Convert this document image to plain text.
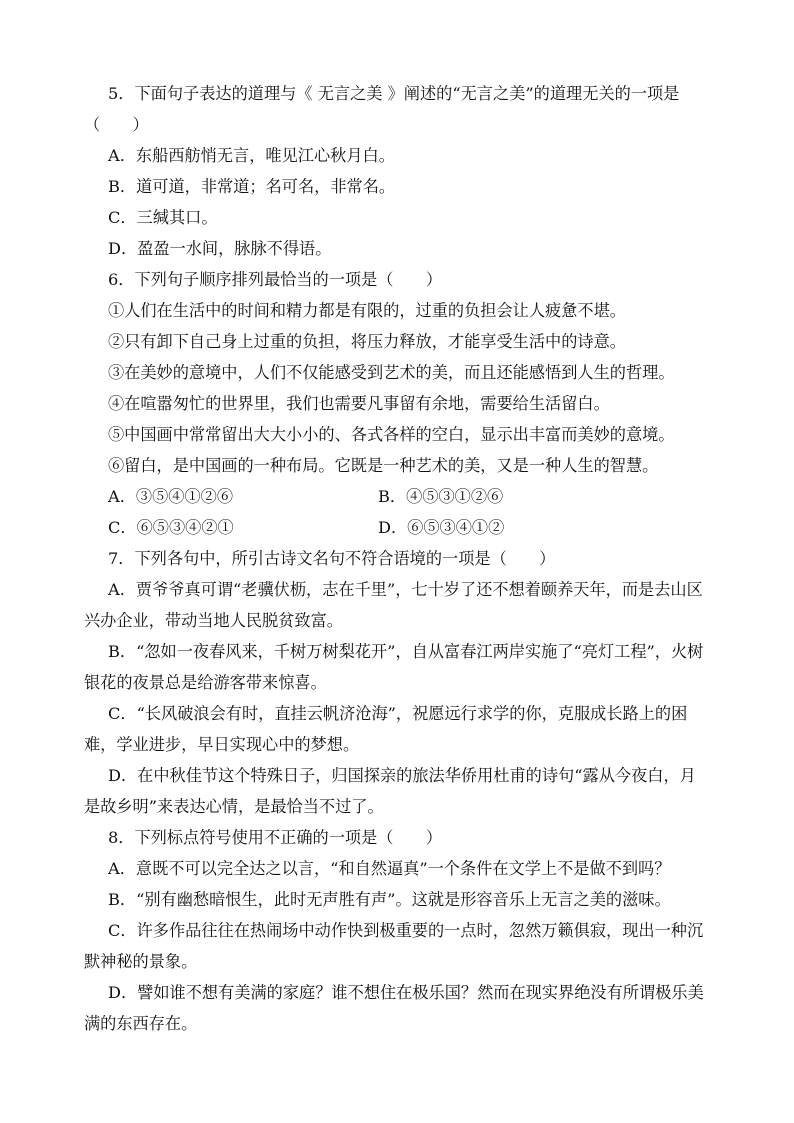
5．下面句子表达的道理与《 无言之美 》阐述的“无言之美”的道理无关的一项是

（　　）

A．东船西舫悄无言，唯见江心秋月白。

B．道可道，非常道；名可名，非常名。

C．三缄其口。

D．盈盈一水间，脉脉不得语。

6．下列句子顺序排列最恰当的一项是（　　）

①人们在生活中的时间和精力都是有限的，过重的负担会让人疲惫不堪。

②只有卸下自己身上过重的负担，将压力释放，才能享受生活中的诗意。

③在美妙的意境中，人们不仅能感受到艺术的美，而且还能感悟到人生的哲理。

④在喧嚣匆忙的世界里，我们也需要凡事留有余地，需要给生活留白。

⑤中国画中常常留出大大小小的、各式各样的空白，显示出丰富而美妙的意境。

⑥留白，是中国画的一种布局。它既是一种艺术的美，又是一种人生的智慧。

A．③⑤④①②⑥	B．④⑤③①②⑥
C．⑥⑤③④②①	D．⑥⑤③④①②

7．下列各句中，所引古诗文名句不符合语境的一项是（　　）

A．贾爷爷真可谓“老骥伏枥，志在千里”，七十岁了还不想着颐养天年，而是去山区兴办企业，带动当地人民脱贫致富。

B．“忽如一夜春风来，千树万树梨花开”，自从富春江两岸实施了“亮灯工程”，火树银花的夜景总是给游客带来惊喜。

C．“长风破浪会有时，直挂云帆济沧海”，祝愿远行求学的你，克服成长路上的困难，学业进步，早日实现心中的梦想。

D．在中秋佳节这个特殊日子，归国探亲的旅法华侨用杜甫的诗句“露从今夜白，月是故乡明”来表达心情，是最恰当不过了。

8．下列标点符号使用不正确的一项是（　　）

A．意既不可以完全达之以言，“和自然逼真”一个条件在文学上不是做不到吗？

B．“别有幽愁暗恨生，此时无声胜有声”。这就是形容音乐上无言之美的滋味。

C．许多作品往往在热闹场中动作快到极重要的一点时，忽然万籁俱寂，现出一种沉默神秘的景象。

D．譬如谁不想有美满的家庭？谁不想住在极乐国？然而在现实界绝没有所谓极乐美满的东西存在。
